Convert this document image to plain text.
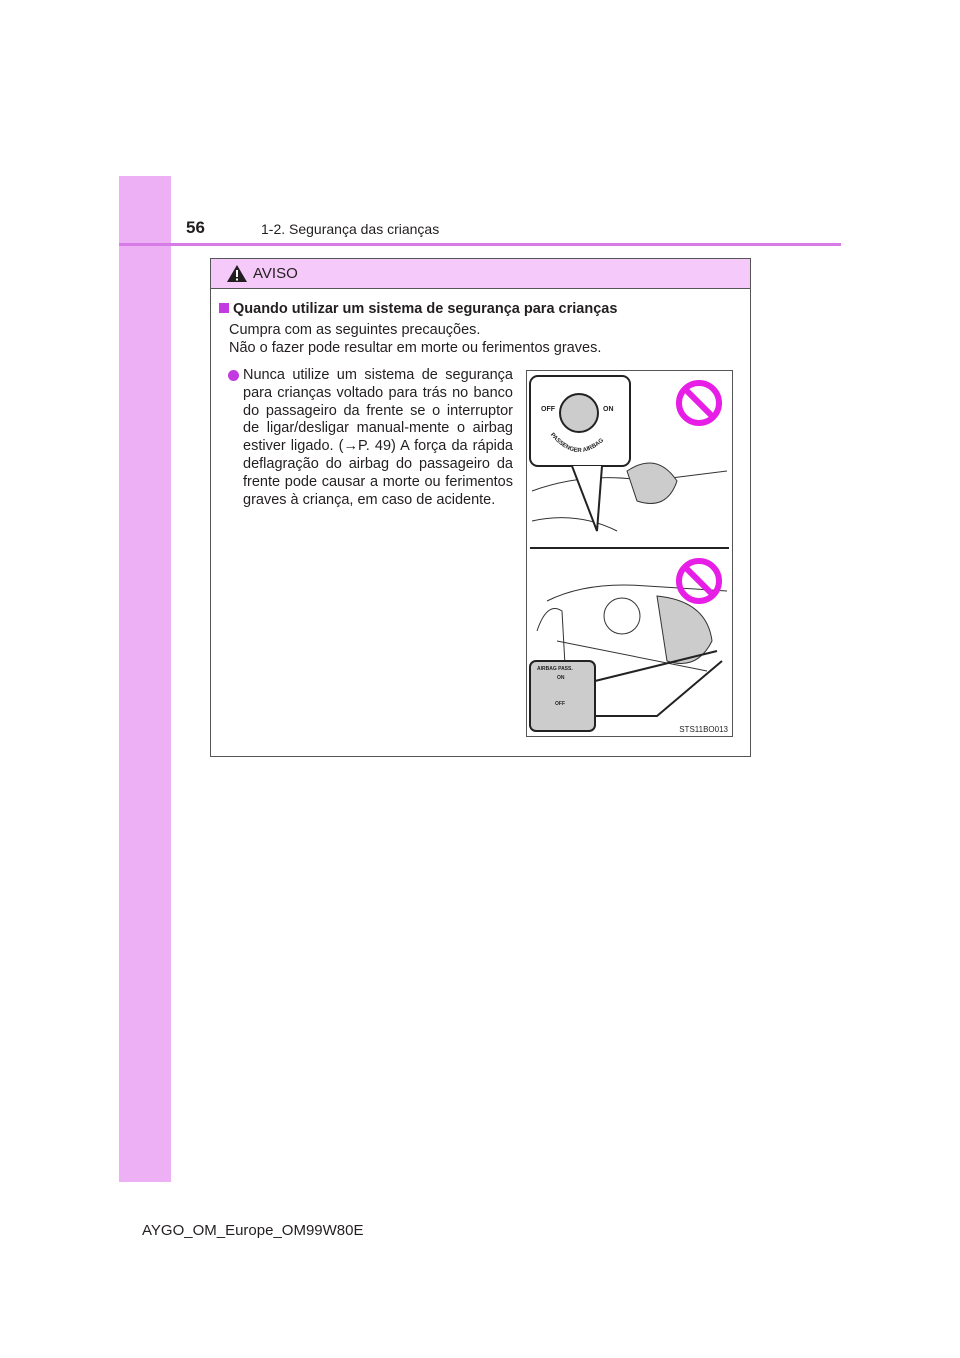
56	1-2. Segurança das crianças
AVISO
Quando utilizar um sistema de segurança para crianças
Cumpra com as seguintes precauções.
Não o fazer pode resultar em morte ou ferimentos graves.
Nunca utilize um sistema de segurança para crianças voltado para trás no banco do passageiro da frente se o interruptor de ligar/desligar manual-mente o airbag estiver ligado. (→P. 49) A força da rápida deflagração do airbag do passageiro da frente pode causar a morte ou ferimentos graves à criança, em caso de acidente.
OFF	ON
PASSENGER AIRBAG
AIRBAG PASS.
ON
OFF
STS11BO013
AYGO_OM_Europe_OM99W80E
